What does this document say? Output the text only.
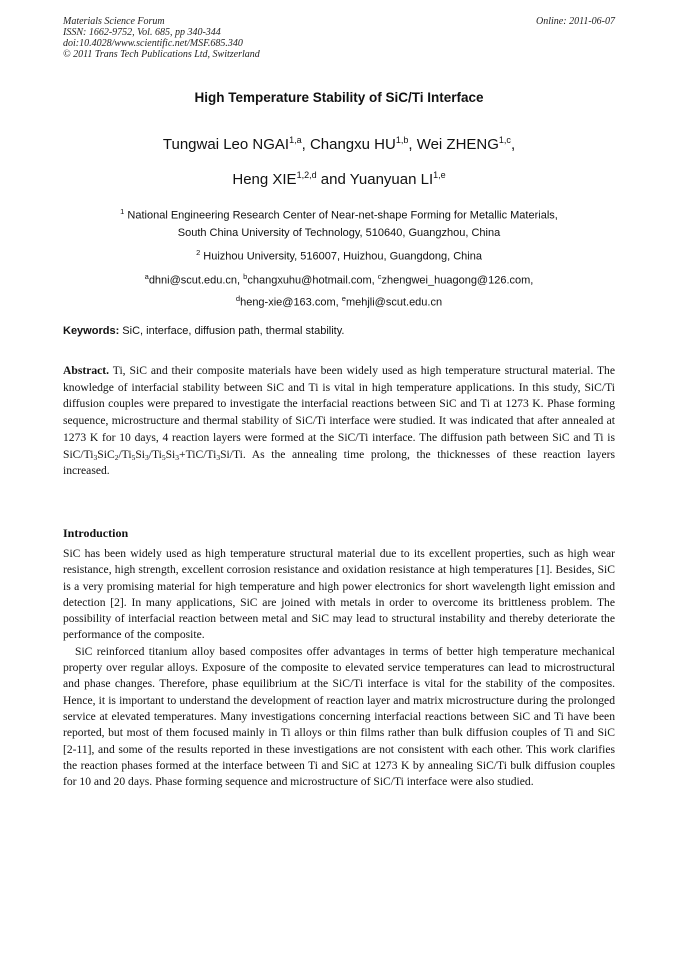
Materials Science Forum
ISSN: 1662-9752, Vol. 685, pp 340-344
doi:10.4028/www.scientific.net/MSF.685.340
© 2011 Trans Tech Publications Ltd, Switzerland
Online: 2011-06-07
High Temperature Stability of SiC/Ti Interface
Tungwai Leo NGAI$^{1,a}$, Changxu HU$^{1,b}$, Wei ZHENG$^{1,c}$,
Heng XIE$^{1,2,d}$ and Yuanyuan LI$^{1,e}$
$^1$ National Engineering Research Center of Near-net-shape Forming for Metallic Materials,
South China University of Technology, 510640, Guangzhou, China
$^2$ Huizhou University, 516007, Huizhou, Guangdong, China
$^a$dhni@scut.edu.cn, $^b$changxuhu@hotmail.com, $^c$zhengwei_huagong@126.com,
$^d$heng-xie@163.com, $^e$mehjli@scut.edu.cn
Keywords: SiC, interface, diffusion path, thermal stability.
Abstract. Ti, SiC and their composite materials have been widely used as high temperature structural material. The knowledge of interfacial stability between SiC and Ti is vital in high temperature applications. In this study, SiC/Ti diffusion couples were prepared to investigate the interfacial reactions between SiC and Ti at 1273 K. Phase forming sequence, microstructure and thermal stability of SiC/Ti interface were studied. It was indicated that after annealed at 1273 K for 10 days, 4 reaction layers were formed at the SiC/Ti interface. The diffusion path between SiC and Ti is SiC/$Ti_3SiC_2/Ti_5Si_3/Ti_5Si_3+TiC/Ti_3Si/Ti$. As the annealing time prolong, the thicknesses of these reaction layers increased.
Introduction

SiC has been widely used as high temperature structural material due to its excellent properties, such as high wear resistance, high strength, excellent corrosion resistance and oxidation resistance at high temperatures [1]. Besides, SiC is a very promising material for high temperature and high power electronics for short wavelength light emission and detection [2]. In many applications, SiC are joined with metals in order to overcome its brittleness problem. The possibility of interfacial reaction between metal and SiC may lead to structural instability and thereby deteriorate the performance of the composite.

SiC reinforced titanium alloy based composites offer advantages in terms of better high temperature mechanical property over regular alloys. Exposure of the composite to elevated service temperatures can lead to microstructural and phase changes. Therefore, phase equilibrium at the SiC/Ti interface is vital for the stability of the composites. Hence, it is important to understand the development of reaction layer and matrix microstructure during the prolonged service at elevated temperatures. Many investigations concerning interfacial reactions between SiC and Ti have been reported, but most of them focused mainly in Ti alloys or thin films rather than bulk diffusion couples of Ti and SiC [2-11], and some of the results reported in these investigations are not consistent with each other. This work clarifies the reaction phases formed at the interface between Ti and SiC at 1273 K by annealing SiC/Ti bulk diffusion couples for 10 and 20 days. Phase forming sequence and microstructure of SiC/Ti interface were also studied.
